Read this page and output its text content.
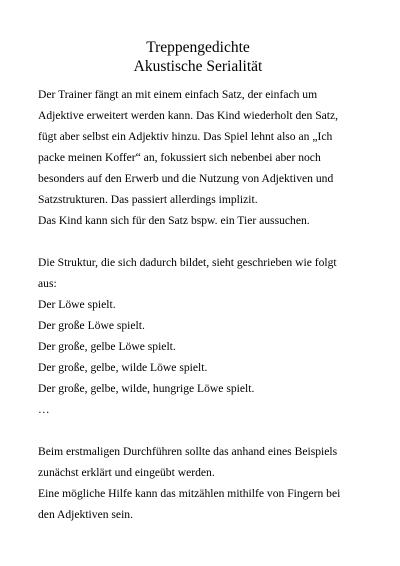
Treppengedichte
Akustische Serialität
Der Trainer fängt an mit einem einfach Satz, der einfach um
Adjektive erweitert werden kann. Das Kind wiederholt den Satz,
fügt aber selbst ein Adjektiv hinzu. Das Spiel lehnt also an „Ich
packe meinen Koffer“ an, fokussiert sich nebenbei aber noch
besonders auf den Erwerb und die Nutzung von Adjektiven und
Satzstrukturen. Das passiert allerdings implizit.
Das Kind kann sich für den Satz bspw. ein Tier aussuchen.
Die Struktur, die sich dadurch bildet, sieht geschrieben wie folgt
aus:
Der Löwe spielt.
Der große Löwe spielt.
Der große, gelbe Löwe spielt.
Der große, gelbe, wilde Löwe spielt.
Der große, gelbe, wilde, hungrige Löwe spielt.
…
Beim erstmaligen Durchführen sollte das anhand eines Beispiels
zunächst erklärt und eingeübt werden.
Eine mögliche Hilfe kann das mitzählen mithilfe von Fingern bei
den Adjektiven sein.
